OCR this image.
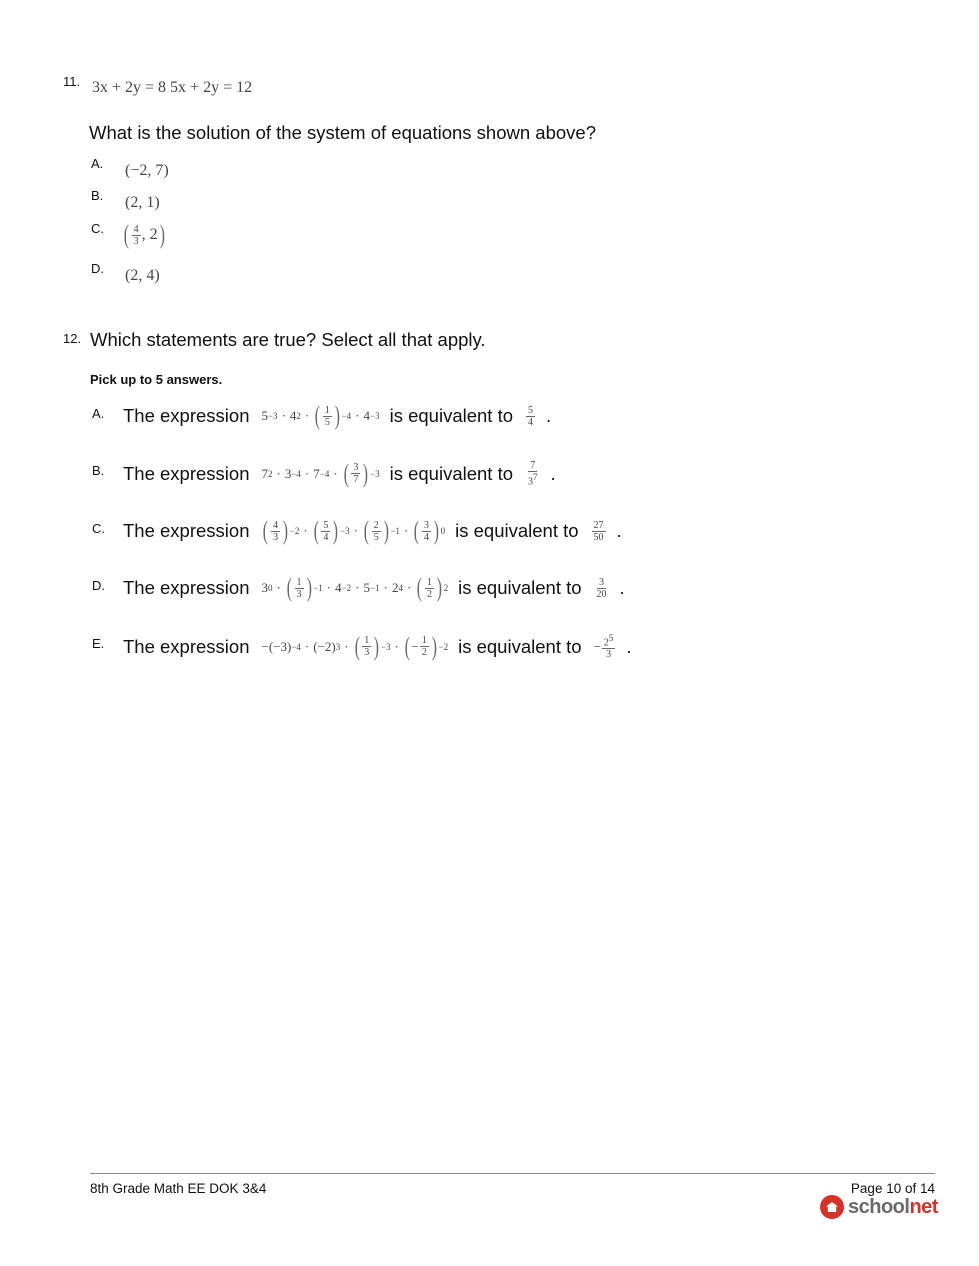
11. 3x + 2y = 8 5x + 2y = 12
What is the solution of the system of equations shown above?
A. (−2, 7)
B. (2, 1)
C. ( $\frac{4}{3}$ , 2 )
D. (2, 4)
12. Which statements are true? Select all that apply.
Pick up to 5 answers.
A. The expression 5 −3 · 4 2 · ( $\frac{1}{5}$ ) −4 · 4 −3 is equivalent to $\frac{5}{4}$ .
B. The expression 7 2 · 3 −4 · 7 −4 · ( $\frac{3}{7}$ ) −3 is equivalent to $\frac{7}{3^7}$ .
C. The expression ( $\frac{4}{3}$ ) −2 · ( $\frac{5}{4}$ ) −3 · ( $\frac{2}{5}$ ) −1 · ( $\frac{3}{4}$ ) 0 is equivalent to $\frac{27}{50}$ .
D. The expression 3 0 · ( $\frac{1}{3}$ ) −1 · 4 −2 · 5 −1 · 2 4 · ( $\frac{1}{2}$ ) 2 is equivalent to $\frac{3}{20}$ .
E. The expression −(−3) −4 · (−2) 3 · ( $\frac{1}{3}$ ) −3 · ( − $\frac{1}{2}$ ) −2 is equivalent to − $\frac{2^5}{3}$ .
8th Grade Math EE DOK 3&4	Page 10 of 14
schoolnet
